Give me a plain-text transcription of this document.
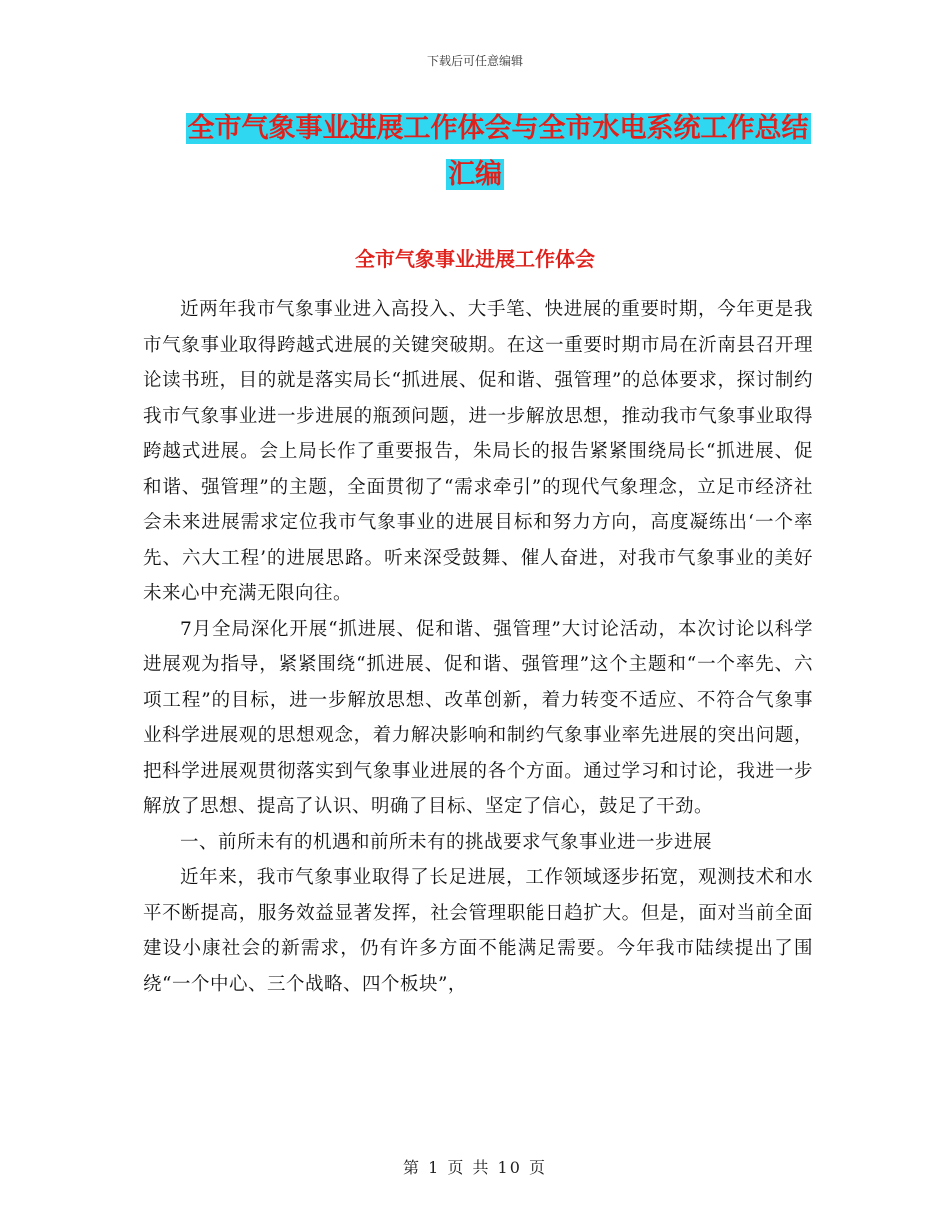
下载后可任意编辑
全市气象事业进展工作体会与全市水电系统工作总结
汇编
全市气象事业进展工作体会

近两年我市气象事业进入高投入、大手笔、快进展的重要时期，今年更是我市气象事业取得跨越式进展的关键突破期。在这一重要时期市局在沂南县召开理论读书班，目的就是落实局长“抓进展、促和谐、强管理”的总体要求，探讨制约我市气象事业进一步进展的瓶颈问题，进一步解放思想，推动我市气象事业取得跨越式进展。会上局长作了重要报告，朱局长的报告紧紧围绕局长“抓进展、促和谐、强管理”的主题，全面贯彻了“需求牵引”的现代气象理念，立足市经济社会未来进展需求定位我市气象事业的进展目标和努力方向，高度凝练出‘一个率先、六大工程’的进展思路。听来深受鼓舞、催人奋进，对我市气象事业的美好未来心中充满无限向往。

7月全局深化开展“抓进展、促和谐、强管理”大讨论活动，本次讨论以科学进展观为指导，紧紧围绕“抓进展、促和谐、强管理”这个主题和“一个率先、六项工程”的目标，进一步解放思想、改革创新，着力转变不适应、不符合气象事业科学进展观的思想观念，着力解决影响和制约气象事业率先进展的突出问题，把科学进展观贯彻落实到气象事业进展的各个方面。通过学习和讨论，我进一步解放了思想、提高了认识、明确了目标、坚定了信心，鼓足了干劲。

一、前所未有的机遇和前所未有的挑战要求气象事业进一步进展

近年来，我市气象事业取得了长足进展，工作领域逐步拓宽，观测技术和水平不断提高，服务效益显著发挥，社会管理职能日趋扩大。但是，面对当前全面建设小康社会的新需求，仍有许多方面不能满足需要。今年我市陆续提出了围绕“一个中心、三个战略、四个板块”，

第 1 页 共 10 页
